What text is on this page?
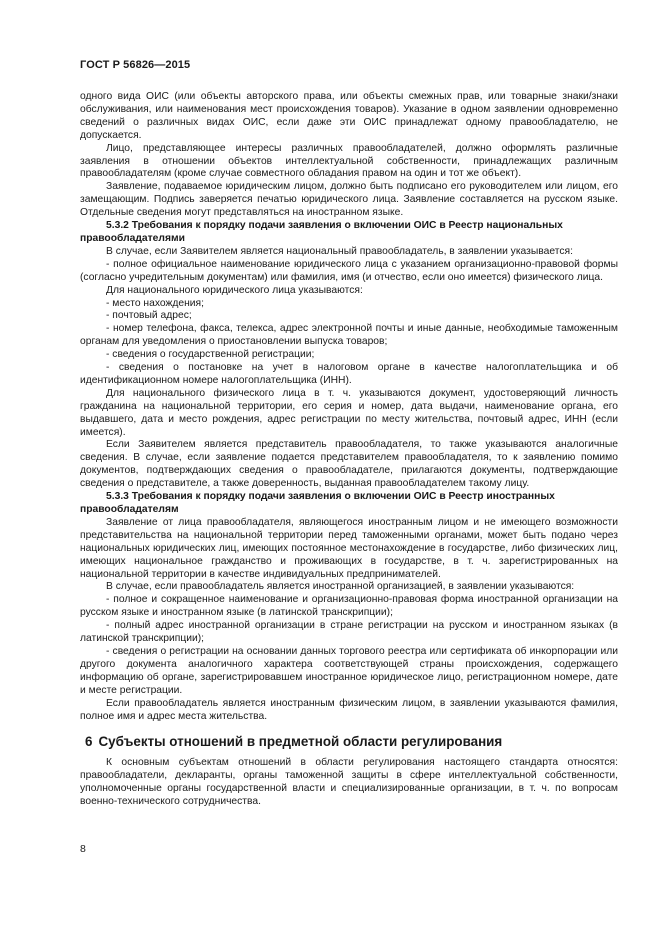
ГОСТ Р 56826—2015

одного вида ОИС (или объекты авторского права, или объекты смежных прав, или товарные знаки/знаки обслуживания, или наименования мест происхождения товаров). Указание в одном заявлении одновременно сведений о различных видах ОИС, если даже эти ОИС принадлежат одному правообладателю, не допускается.

Лицо, представляющее интересы различных правообладателей, должно оформлять различные заявления в отношении объектов интеллектуальной собственности, принадлежащих различным правообладателям (кроме случае совместного обладания правом на один и тот же объект).

Заявление, подаваемое юридическим лицом, должно быть подписано его руководителем или лицом, его замещающим. Подпись заверяется печатью юридического лица. Заявление составляется на русском языке. Отдельные сведения могут представляться на иностранном языке.

5.3.2 Требования к порядку подачи заявления о включении ОИС в Реестр национальных правообладателями

В случае, если Заявителем является национальный правообладатель, в заявлении указывается:

- полное официальное наименование юридического лица с указанием организационно-правовой формы (согласно учредительным документам) или фамилия, имя (и отчество, если оно имеется) физического лица.

Для национального юридического лица указываются:

- место нахождения;

- почтовый адрес;

- номер телефона, факса, телекса, адрес электронной почты и иные данные, необходимые таможенным органам для уведомления о приостановлении выпуска товаров;

- сведения о государственной регистрации;

- сведения о постановке на учет в налоговом органе в качестве налогоплательщика и об идентификационном номере налогоплательщика (ИНН).

Для национального физического лица в т. ч. указываются документ, удостоверяющий личность гражданина на национальной территории, его серия и номер, дата выдачи, наименование органа, его выдавшего, дата и место рождения, адрес регистрации по месту жительства, почтовый адрес, ИНН (если имеется).

Если Заявителем является представитель правообладателя, то также указываются аналогичные сведения. В случае, если заявление подается представителем правообладателя, то к заявлению помимо документов, подтверждающих сведения о правообладателе, прилагаются документы, подтверждающие сведения о представителе, а также доверенность, выданная правообладателем такому лицу.

5.3.3 Требования к порядку подачи заявления о включении ОИС в Реестр иностранных правообладателям

Заявление от лица правообладателя, являющегося иностранным лицом и не имеющего возможности представительства на национальной территории перед таможенными органами, может быть подано через национальных юридических лиц, имеющих постоянное местонахождение в государстве, либо физических лиц, имеющих национальное гражданство и проживающих в государстве, в т. ч. зарегистрированных на национальной территории в качестве индивидуальных предпринимателей.

В случае, если правообладатель является иностранной организацией, в заявлении указываются:

- полное и сокращенное наименование и организационно-правовая форма иностранной организации на русском языке и иностранном языке (в латинской транскрипции);

- полный адрес иностранной организации в стране регистрации на русском и иностранном языках (в латинской транскрипции);

- сведения о регистрации на основании данных торгового реестра или сертификата об инкорпорации или другого документа аналогичного характера соответствующей страны происхождения, содержащего информацию об органе, зарегистрировавшем иностранное юридическое лицо, регистрационном номере, дате и месте регистрации.

Если правообладатель является иностранным физическим лицом, в заявлении указываются фамилия, полное имя и адрес места жительства.

6 Субъекты отношений в предметной области регулирования

К основным субъектам отношений в области регулирования настоящего стандарта относятся: правообладатели, декларанты, органы таможенной защиты в сфере интеллектуальной собственности, уполномоченные органы государственной власти и специализированные организации, в т. ч. по вопросам военно-технического сотрудничества.

8
